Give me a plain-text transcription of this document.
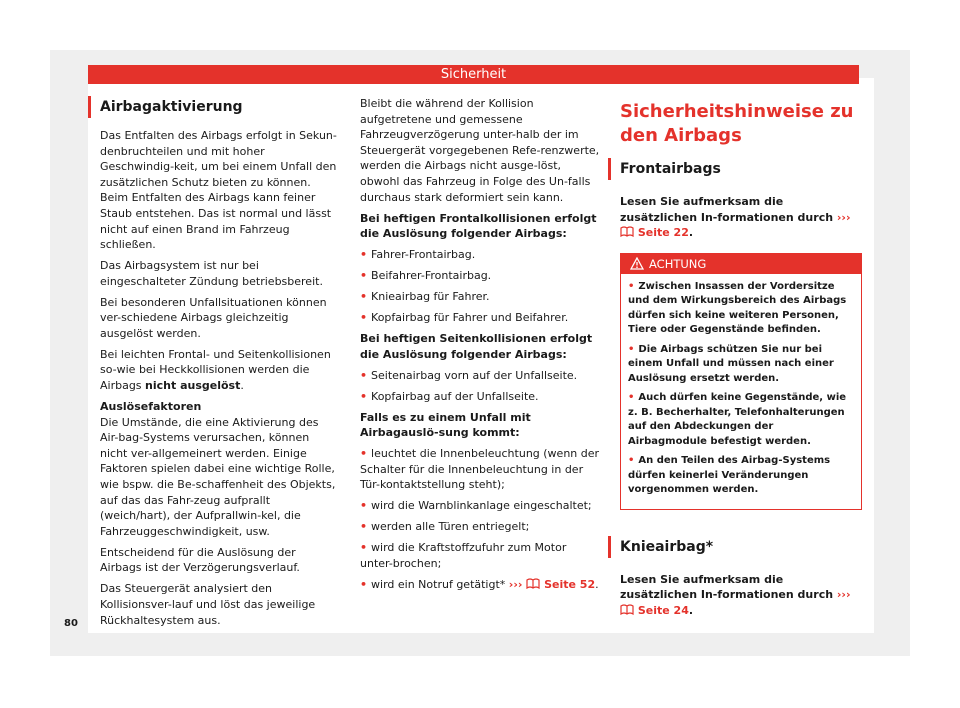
Sicherheit
80
Airbagaktivierung

Das Entfalten des Airbags erfolgt in Sekun-denbruchteilen und mit hoher Geschwindig-keit, um bei einem Unfall den zusätzlichen Schutz bieten zu können. Beim Entfalten des Airbags kann feiner Staub entstehen. Das ist normal und lässt nicht auf einen Brand im Fahrzeug schließen.

Das Airbagsystem ist nur bei eingeschalteter Zündung betriebsbereit.

Bei besonderen Unfallsituationen können ver-schiedene Airbags gleichzeitig ausgelöst werden.

Bei leichten Frontal- und Seitenkollisionen so-wie bei Heckkollisionen werden die Airbags nicht ausgelöst.

Auslösefaktoren

Die Umstände, die eine Aktivierung des Air-bag-Systems verursachen, können nicht ver-allgemeinert werden. Einige Faktoren spielen dabei eine wichtige Rolle, wie bspw. die Be-schaffenheit des Objekts, auf das das Fahr-zeug aufprallt (weich/hart), der Aufprallwin-kel, die Fahrzeuggeschwindigkeit, usw.

Entscheidend für die Auslösung der Airbags ist der Verzögerungsverlauf.

Das Steuergerät analysiert den Kollisionsver-lauf und löst das jeweilige Rückhaltesystem aus.

Bleibt die während der Kollision aufgetretene und gemessene Fahrzeugverzögerung unter-halb der im Steuergerät vorgegebenen Refe-renzwerte, werden die Airbags nicht ausge-löst, obwohl das Fahrzeug in Folge des Un-falls durchaus stark deformiert sein kann.

Bei heftigen Frontalkollisionen erfolgt die Auslösung folgender Airbags:

• Fahrer-Frontairbag.

• Beifahrer-Frontairbag.

• Knieairbag für Fahrer.

• Kopfairbag für Fahrer und Beifahrer.

Bei heftigen Seitenkollisionen erfolgt die Auslösung folgender Airbags:

• Seitenairbag vorn auf der Unfallseite.

• Kopfairbag auf der Unfallseite.

Falls es zu einem Unfall mit Airbagauslö-sung kommt:

• leuchtet die Innenbeleuchtung (wenn der Schalter für die Innenbeleuchtung in der Tür-kontaktstellung steht);

• wird die Warnblinkanlage eingeschaltet;

• werden alle Türen entriegelt;

• wird die Kraftstoffzufuhr zum Motor unter-brochen;

• wird ein Notruf getätigt* ››› Seite 52.

Sicherheitshinweise zu den Airbags
Frontairbags

Lesen Sie aufmerksam die zusätzlichen In-formationen durch ›››  Seite 22.

ACHTUNG

• Zwischen Insassen der Vordersitze und dem Wirkungsbereich des Airbags dürfen sich keine weiteren Personen, Tiere oder Gegenstände befinden.

• Die Airbags schützen Sie nur bei einem Unfall und müssen nach einer Auslösung ersetzt werden.

• Auch dürfen keine Gegenstände, wie z. B. Becherhalter, Telefonhalterungen auf den Abdeckungen der Airbagmodule befestigt werden.

• An den Teilen des Airbag-Systems dürfen keinerlei Veränderungen vorgenommen werden.

Knieairbag*

Lesen Sie aufmerksam die zusätzlichen In-formationen durch ›››  Seite 24.
